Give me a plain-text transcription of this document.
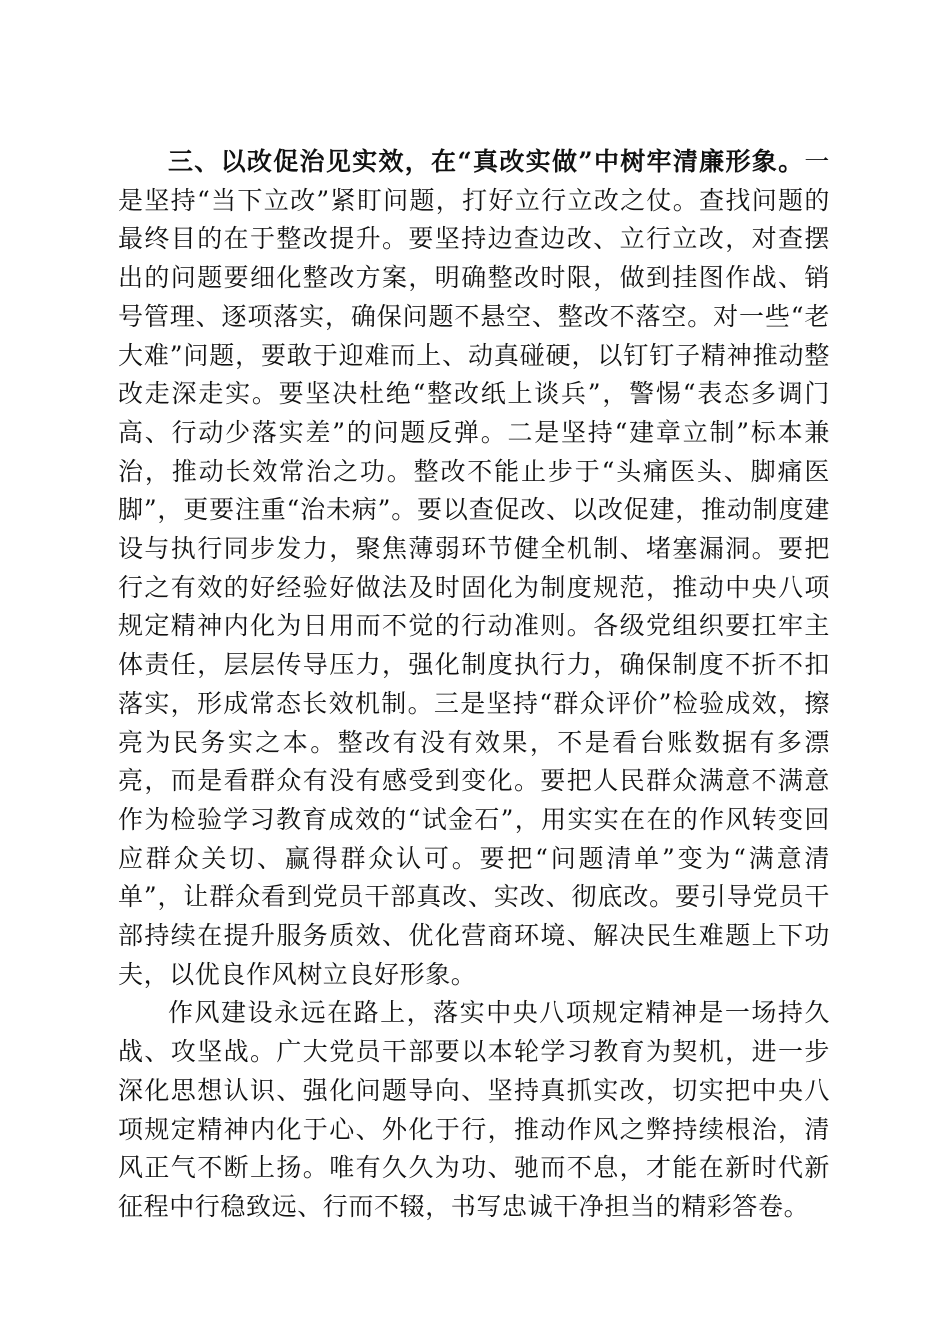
三、以改促治见实效，在“真改实做”中树牢清廉形象。一是坚持“当下立改”紧盯问题，打好立行立改之仗。查找问题的最终目的在于整改提升。要坚持边查边改、立行立改，对查摆出的问题要细化整改方案，明确整改时限，做到挂图作战、销号管理、逐项落实，确保问题不悬空、整改不落空。对一些“老大难”问题，要敢于迎难而上、动真碰硬，以钉钉子精神推动整改走深走实。要坚决杜绝“整改纸上谈兵”，警惕“表态多调门高、行动少落实差”的问题反弹。二是坚持“建章立制”标本兼治，推动长效常治之功。整改不能止步于“头痛医头、脚痛医脚”，更要注重“治未病”。要以查促改、以改促建，推动制度建设与执行同步发力，聚焦薄弱环节健全机制、堵塞漏洞。要把行之有效的好经验好做法及时固化为制度规范，推动中央八项规定精神内化为日用而不觉的行动准则。各级党组织要扛牢主体责任，层层传导压力，强化制度执行力，确保制度不折不扣落实，形成常态长效机制。三是坚持“群众评价”检验成效，擦亮为民务实之本。整改有没有效果，不是看台账数据有多漂亮，而是看群众有没有感受到变化。要把人民群众满意不满意作为检验学习教育成效的“试金石”，用实实在在的作风转变回应群众关切、赢得群众认可。要把“问题清单”变为“满意清单”，让群众看到党员干部真改、实改、彻底改。要引导党员干部持续在提升服务质效、优化营商环境、解决民生难题上下功夫，以优良作风树立良好形象。

作风建设永远在路上，落实中央八项规定精神是一场持久战、攻坚战。广大党员干部要以本轮学习教育为契机，进一步深化思想认识、强化问题导向、坚持真抓实改，切实把中央八项规定精神内化于心、外化于行，推动作风之弊持续根治，清风正气不断上扬。唯有久久为功、驰而不息，才能在新时代新征程中行稳致远、行而不辍，书写忠诚干净担当的精彩答卷。
